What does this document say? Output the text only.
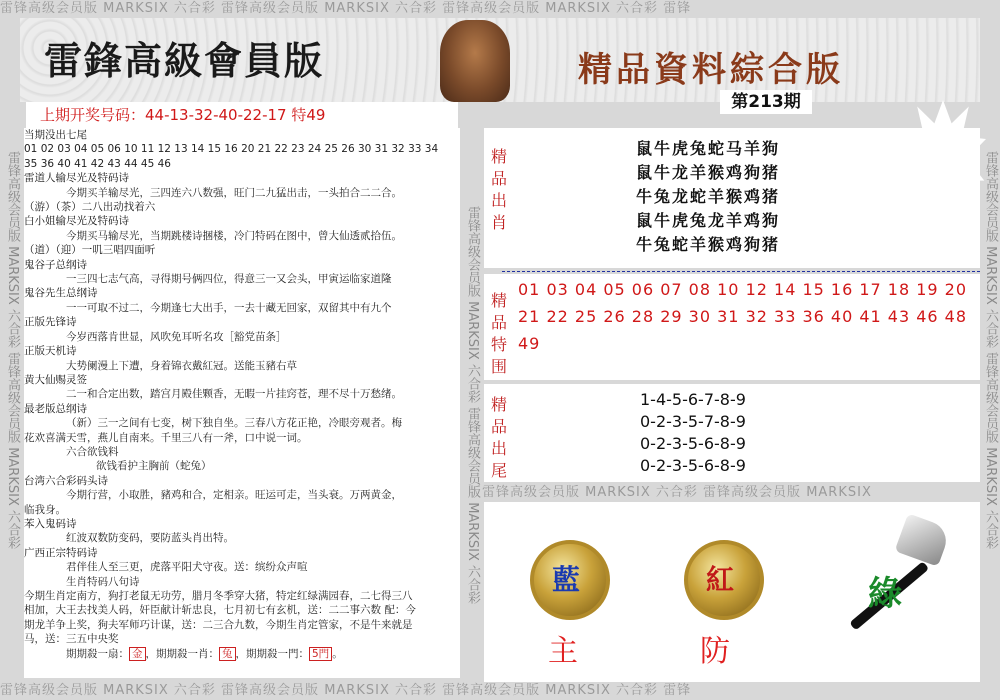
雷锋高级会员版 MARKSIX 六合彩 雷锋高级会员版 MARKSIX 六合彩 雷锋高级会员版 MARKSIX 六合彩 雷锋
雷锋高级会员版 MARKSIX 六合彩 雷锋高级会员版 MARKSIX 六合彩 雷锋高级会员版 MARKSIX 六合彩 雷锋
雷锋高级会员版 MARKSIX 六合彩 雷锋高级会员版 MARKSIX
雷锋高级会员版 MARKSIX 六合彩 雷锋高级会员版 MARKSIX 六合彩	雷锋高级会员版 MARKSIX 六合彩 雷锋高级会员版 MARKSIX 六合彩
雷锋高级会员版 MARKSIX 六合彩 雷锋高级会员版 MARKSIX 六合彩
雷鋒高級會員版	精品資料綜合版
上期开奖号码：44-13-32-40-22-17 特49
第213期
当期没出七尾
01 02 03 04 05 06 10 11 12 13 14 15 16 20 21 22 23 24 25 26 30 31 32 33 34
35 36 40 41 42 43 44 45 46
雷道人输尽光及特码诗
今期买羊输尽光，三四连六八数强，旺门二九猛出击，一头拍合二二合。
（游）（茶）二八出动找着六
白小姐输尽光及特码诗
今期买马输尽光，当期跳楼诗捆楼，冷门特码在图中，曾大仙透贰拾伍。
（道）（迎）一叽三唱四面听
鬼谷子总纲诗
一三四七志气高，寻得期号俩四位，得意三一又会头，甲寅运临家道隆
鬼谷先生总纲诗
一一可取不过二，今期逢七大出手，一去十藏无回家，双留其中有九个
正版先锋诗
今岁西落肯世显，风吹免耳听名攻［豁党苗条］
正版天机诗
大势阑漫上下遭，身着锦衣戴紅冠。送能玉豬右草
黄大仙赐灵签
二一和合定出数，踏宫月殿佳颗香，无暇一片挂窍苍，理不尽十万愁绪。
最老版总纲诗
（新）三一之间有七变，树下独自坐。三春八方花正艳，冷眼旁观者。梅
花欢喜满天雪，燕儿自南来。千里三八有一斧，口中说一词。
六合欲钱料
欲钱看护主胸前（蛇兔）
台湾六合彩码头诗
今期行营，小取胜，豬鸡和合，定相亲。旺运可走，当头衰。万两黄金，
临我身。
苯入鬼码诗
红波双数防变码，要防蓝头肖出特。
广西正宗特码诗
君伴佳人至三更，虎落平阳犬守夜。送：缤纷众声喧
生肖特码八句诗
今期生肖定南方，狗打老鼠无功劳，腊月冬季穿大猪，特定红绿满园春，二七得三八
相加，大王去找美人码，奸臣献计斩忠良，七月初七有玄机，送：二二事六数 配：今
期龙羊争上奖，狗夫军师巧计谋，送：二三合九数，今期生肖定管家，不是牛来就是
马，送：三五中央奖
期期殺一扇： 金 ，期期殺一肖： 兔 ，期期殺一門： 5門 。
精品出肖
鼠牛虎兔蛇马羊狗
鼠牛龙羊猴鸡狗猪
牛兔龙蛇羊猴鸡猪
鼠牛虎兔龙羊鸡狗
牛兔蛇羊猴鸡狗猪
精品特围
01 03 04 05 06 07 08 10 12 14 15 16 17 18 19 20
21 22 25 26 28 29 30 31 32 33 36 40 41 43 46 48
49
精品出尾
1-4-5-6-7-8-9
0-2-3-5-7-8-9
0-2-3-5-6-8-9
0-2-3-5-6-8-9
藍	紅
主	防
綠
